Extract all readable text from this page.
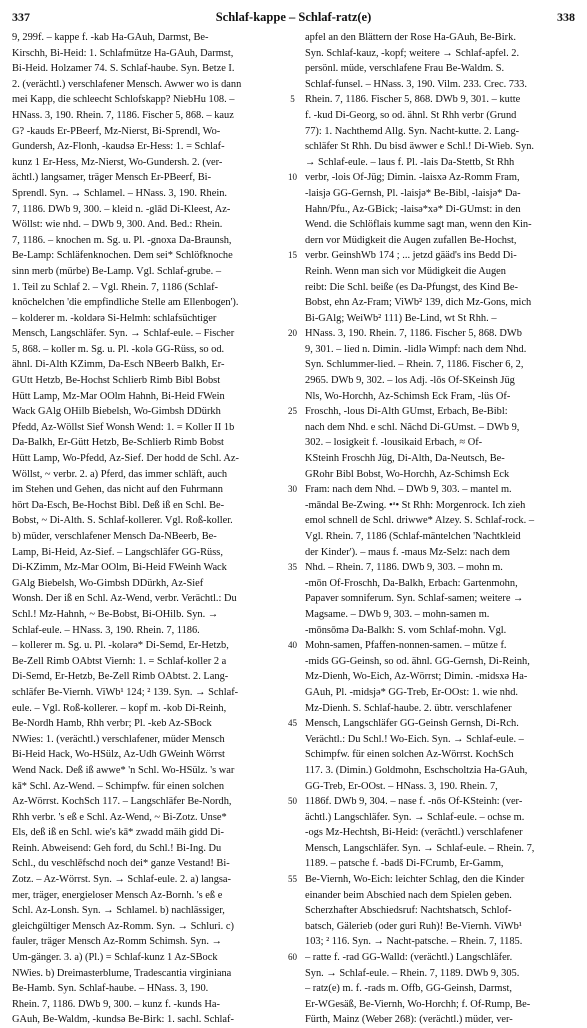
337	Schlaf-kappe – Schlaf-ratz(e)	338

9, 299f. – kappe f. -kab Ha-GAuh, Darmst, Be-

Kirschh, Bi-Heid: 1. Schlafmütze Ha-GAuh, Darmst,

Bi-Heid. Holzamer 74. S. Schlaf-haube. Syn. Betze I.

2. (verächtl.) verschlafener Mensch. Awwer wo is dann

mei Kapp, die schleecht Schlofskapp? NiebHu 108. –

HNass. 3, 190. Rhein. 7, 1186. Fischer 5, 868. – kauz

G? -kauds Er-PBeerf, Mz-Nierst, Bi-Sprendl, Wo-

Gundersh, Az-Flonh, -kaudsə Er-Hess: 1. = Schlaf-

kunz 1 Er-Hess, Mz-Nierst, Wo-Gundersh. 2. (ver-

ächtl.) langsamer, träger Mensch Er-PBeerf, Bi-

Sprendl. Syn. → Schlamel. – HNass. 3, 190. Rhein.

7, 1186. DWb 9, 300. – kleid n. -glād Di-Kleest, Az-

Wöllst: wie nhd. – DWb 9, 300. And. Bed.: Rhein.

7, 1186. – knochen m. Sg. u. Pl. -gnoxa Da-Braunsh,

Be-Lamp: Schläfenknochen. Dem sei* Schlöfknoche

sinn merb (mürbe) Be-Lamp. Vgl. Schlaf-grube. –

1. Teil zu Schlaf 2. – Vgl. Rhein. 7, 1186 (Schlaf-

knöchelchen 'die empfindliche Stelle am Ellenbogen').

– kolderer m. -koldərə Si-Helmh: schlafsüchtiger

Mensch, Langschläfer. Syn. → Schlaf-eule. – Fischer

5, 868. – koller m. Sg. u. Pl. -kolə GG-Rüss, so od.

ähnl. Di-Alth KZimm, Da-Esch NBeerb Balkh, Er-

GUtt Hetzb, Be-Hochst Schlierb Rimb Bibl Bobst

Hütt Lamp, Mz-Mar OOlm Hahnh, Bi-Heid FWein

Wack GAlg OHilb Biebelsh, Wo-Gimbsh DDürkh

Pfedd, Az-Wöllst Sief Wonsh Wend: 1. = Koller II 1b

Da-Balkh, Er-Gütt Hetzb, Be-Schlierb Rimb Bobst

Hütt Lamp, Wo-Pfedd, Az-Sief. Der hodd de Schl. Az-

Wöllst, ~ verbr. 2. a) Pferd, das immer schläft, auch

im Stehen und Gehen, das nicht auf den Fuhrmann

hört Da-Esch, Be-Hochst Bibl. Deß iß en Schl. Be-

Bobst, ~ Di-Alth. S. Schlaf-kollerer. Vgl. Roß-koller.

b) müder, verschlafener Mensch Da-NBeerb, Be-

Lamp, Bi-Heid, Az-Sief. – Langschläfer GG-Rüss,

Di-KZimm, Mz-Mar OOlm, Bi-Heid FWeinh Wack

GAlg Biebelsh, Wo-Gimbsh DDürkh, Az-Sief

Wonsh. Der iß en Schl. Az-Wend, verbr. Verächtl.: Du

Schl.! Mz-Hahnh, ~ Be-Bobst, Bi-OHilb. Syn. →

Schlaf-eule. – HNass. 3, 190. Rhein. 7, 1186.

– kollerer m. Sg. u. Pl. -kolərə* Di-Semd, Er-Hetzb,

Be-Zell Rimb OAbtst Viernh: 1. = Schlaf-koller 2 a

Di-Semd, Er-Hetzb, Be-Zell Rimb OAbtst. 2. Lang-

schläfer Be-Viernh. ViWb¹ 124; ² 139. Syn. → Schlaf-

eule. – Vgl. Roß-kollerer. – kopf m. -kob Di-Reinh,

Be-Nordh Hamb, Rhh verbr; Pl. -keb Az-SBock

NWies: 1. (verächtl.) verschlafener, müder Mensch

Bi-Heid Hack, Wo-HSülz, Az-Udh GWeinh Wörrst

Wend Nack. Deß iß awwe* 'n Schl. Wo-HSülz. 's war

kā* Schl. Az-Wend. – Schimpfw. für einen solchen

Az-Wörrst. KochSch 117. – Langschläfer Be-Nordh,

Rhh verbr. 's eß e Schl. Az-Wend, ~ Bi-Zotz. Unse*

Els, deß iß en Schl. wie's kā* zwadd mäih gidd Di-

Reinh. Abweisend: Geh ford, du Schl.! Bi-Ing. Du

Schl., du veschlēfschd noch dei* ganze Vestand! Bi-

Zotz. – Az-Wörrst. Syn. → Schlaf-eule. 2. a) langsa-

mer, träger, energieloser Mensch Az-Bornh. 's eß e

Schl. Az-Lonsh. Syn. → Schlamel. b) nachlässiger,

gleichgültiger Mensch Az-Romm. Syn. → Schluri. c)

fauler, träger Mensch Az-Romm Schimsh. Syn. →

Um-gänger. 3. a) (Pl.) = Schlaf-kunz 1 Az-SBock

NWies. b) Dreimasterblume, Tradescantia virginiana

Be-Hamb. Syn. Schlaf-haube. – HNass. 3, 190.

Rhein. 7, 1186. DWb 9, 300. – kunz f. -kunds Ha-

GAuh, Be-Waldm, -kundsə Be-Birk: 1. sachl. Schlaf-

5
10
15
20
25
30
35
40
45
50
55
60

apfel an den Blättern der Rose Ha-GAuh, Be-Birk.

Syn. Schlaf-kauz, -kopf; weitere → Schlaf-apfel. 2.

persönl. müde, verschlafene Frau Be-Waldm. S.

Schlaf-funsel. – HNass. 3, 190. Vilm. 233. Crec. 733.

Rhein. 7, 1186. Fischer 5, 868. DWb 9, 301. – kutte

f. -kud Di-Georg, so od. ähnl. St Rhh verbr (Grund

77): 1. Nachthemd Allg. Syn. Nacht-kutte. 2. Lang-

schläfer St Rhh. Du bisd äwwer e Schl.! Di-Wieb. Syn.

→ Schlaf-eule. – laus f. Pl. -lais Da-Stettb, St Rhh

verbr, -lois Of-Jüg; Dimin. -laisxə Az-Romm Fram,

-laisjə GG-Gernsh, Pl. -laisjə* Be-Bibl, -laisjə* Da-

Hahn/Pfu., Az-GBick; -laisə*xə* Di-GUmst: in den

Wend. die Schlöflais kumme sagt man, wenn den Kin-

dern vor Müdigkeit die Augen zufallen Be-Hochst,

verbr. GeinshWb 174 ; ... jetzd gääd's ins Bedd Di-

Reinh. Wenn man sich vor Müdigkeit die Augen

reibt: Die Schl. beiße (es Da-Pfungst, des Kind Be-

Bobst, ehn Az-Fram; ViWb² 139, dich Mz-Gons, mich

Bi-GAlg; WeiWb² 111) Be-Lind, wt St Rhh. –

HNass. 3, 190. Rhein. 7, 1186. Fischer 5, 868. DWb

9, 301. – lied n. Dimin. -lidlə Wimpf: nach dem Nhd.

Syn. Schlummer-lied. – Rhein. 7, 1186. Fischer 6, 2,

2965. DWb 9, 302. – los Adj. -lōs Of-SKeinsh Jüg

Nls, Wo-Horchh, Az-Schimsh Eck Fram, -lüs Of-

Froschh, -lous Di-Alth GUmst, Erbach, Be-Bibl:

nach dem Nhd. e schl. Nãchd Di-GUmst. – DWb 9,

302. – losigkeit f. -lousikaid Erbach, ≈ Of-

KSteinh Froschh Jüg, Di-Alth, Da-Neutsch, Be-

GRohr Bibl Bobst, Wo-Horchh, Az-Schimsh Eck

Fram: nach dem Nhd. – DWb 9, 303. – mantel m.

-māndal Be-Zwing. •ᵃ• St Rhh: Morgenrock. Ich zieh

emol schnell de Schl. driwwe* Alzey. S. Schlaf-rock. –

Vgl. Rhein. 7, 1186 (Schlaf-mäntelchen 'Nachtkleid

der Kinder'). – maus f. -maus Mz-Selz: nach dem

Nhd. – Rhein. 7, 1186. DWb 9, 303. – mohn m.

-mōn Of-Froschh, Da-Balkh, Erbach: Gartenmohn,

Papaver somniferum. Syn. Schlaf-samen; weitere →

Magsame. – DWb 9, 303. – mohn-samen m.

-mōnsōmə Da-Balkh: S. vom Schlaf-mohn. Vgl.

Mohn-samen, Pfaffen-nonnen-samen. – mütze f.

-mids GG-Geinsh, so od. ähnl. GG-Gernsh, Di-Reinh,

Mz-Dienh, Wo-Eich, Az-Wörrst; Dimin. -midsxə Ha-

GAuh, Pl. -midsjə* GG-Treb, Er-OOst: 1. wie nhd.

Mz-Dienh. S. Schlaf-haube. 2. übtr. verschlafener

Mensch, Langschläfer GG-Geinsh Gernsh, Di-Rch.

Verächtl.: Du Schl.! Wo-Eich. Syn. → Schlaf-eule. –

Schimpfw. für einen solchen Az-Wörrst. KochSch

117. 3. (Dimin.) Goldmohn, Eschscholtzia Ha-GAuh,

GG-Treb, Er-OOst. – HNass. 3, 190. Rhein. 7,

1186f. DWb 9, 304. – nase f. -nōs Of-KSteinh: (ver-

ächtl.) Langschläfer. Syn. → Schlaf-eule. – ochse m.

-ogs Mz-Hechtsh, Bi-Heid: (verächtl.) verschlafener

Mensch, Langschläfer. Syn. → Schlaf-eule. – Rhein. 7,

1189. – patsche f. -badš Di-FCrumb, Er-Gamm,

Be-Viernh, Wo-Eich: leichter Schlag, den die Kinder

einander beim Abschied nach dem Spielen geben.

Scherzhafter Abschiedsruf: Nachtshatsch, Schlof-

batsch, Gälerieb (oder guri Ruh)! Be-Viernh. ViWb¹

103; ² 116. Syn. → Nacht-patsche. – Rhein. 7, 1185.

– ratte f. -rad GG-Walld: (verächtl.) Langschläfer.

Syn. → Schlaf-eule. – Rhein. 7, 1189. DWb 9, 305.

– ratz(e) m. f. -rads m. Offb, GG-Geinsh, Darmst,

Er-WGesäß, Be-Viernh, Wo-Horchh; f. Of-Rump, Be-

Fürth, Mainz (Weber 268): (verächtl.) müder, ver-
